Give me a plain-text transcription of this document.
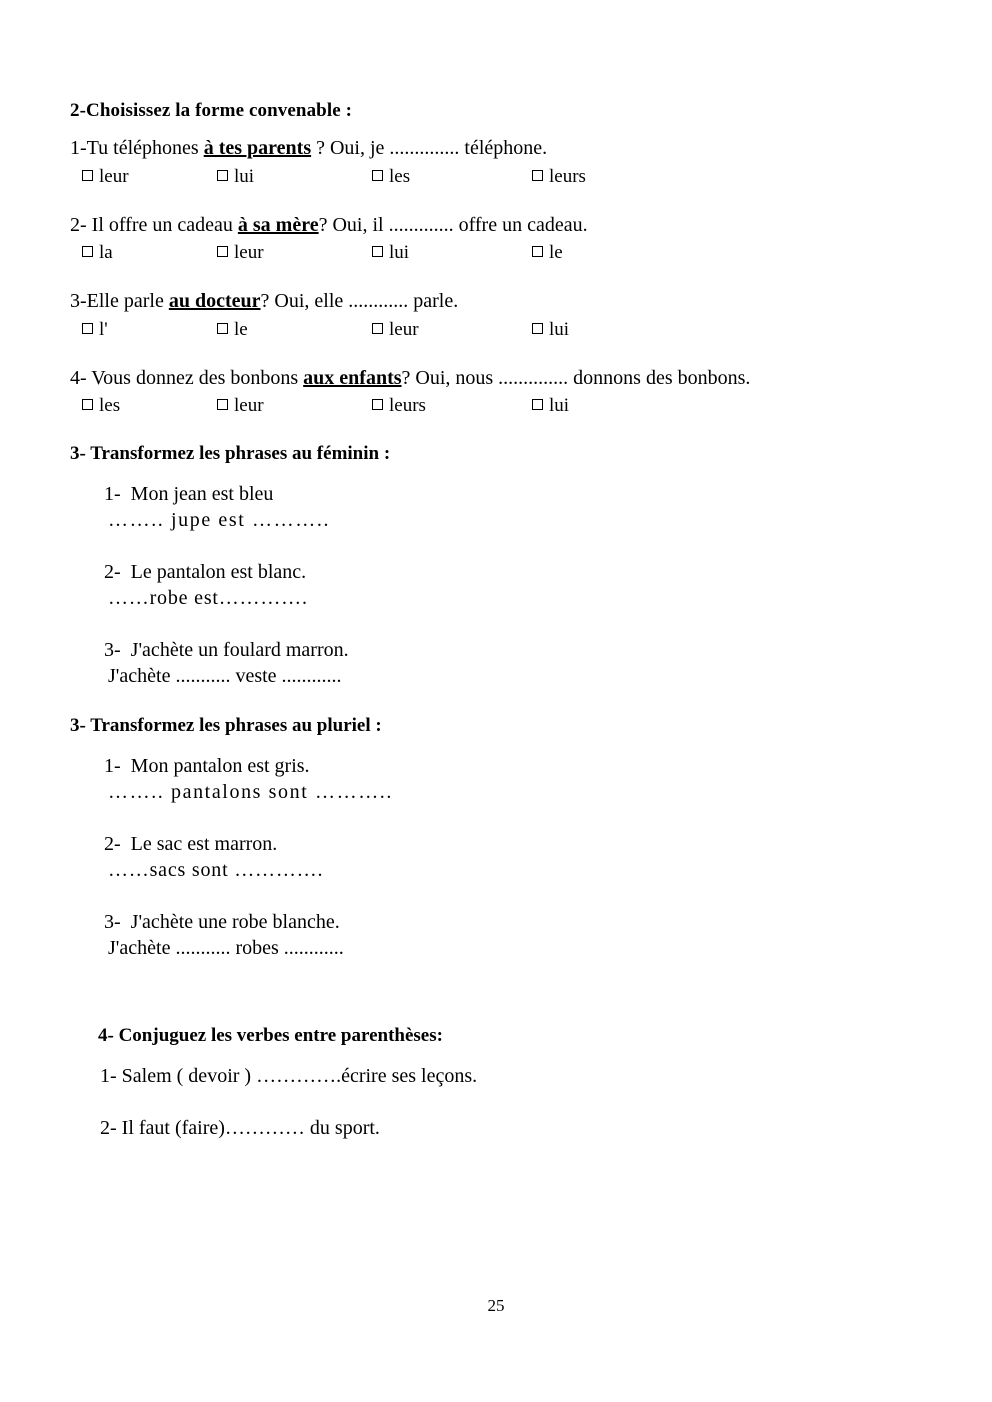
2-Choisissez la forme convenable :

1-Tu téléphones à tes parents ? Oui, je .............. téléphone.

leur	lui	les	leurs

2- Il offre un cadeau à sa mère? Oui, il ............. offre un cadeau.

la	leur	lui	le

3-Elle parle au docteur? Oui, elle ............ parle.

l'	le	leur	lui

4- Vous donnez des bonbons aux enfants? Oui, nous .............. donnons des bonbons.

les	leur	leurs	lui

3- Transformez les phrases au féminin :

1- Mon jean est bleu
…….. jupe est ………..
2- Le pantalon est blanc.
……robe est………….
3- J'achète un foulard marron.
J'achète ........... veste ............

3- Transformez les phrases au pluriel :

1- Mon pantalon est gris.
…….. pantalons sont ………..
2- Le sac est marron.
……sacs sont ………….
3- J'achète une robe blanche.
J'achète ........... robes ............

4- Conjuguez les verbes entre parenthèses:

1- Salem ( devoir ) ………….écrire ses leçons.
2- Il faut (faire)………… du sport.
25
